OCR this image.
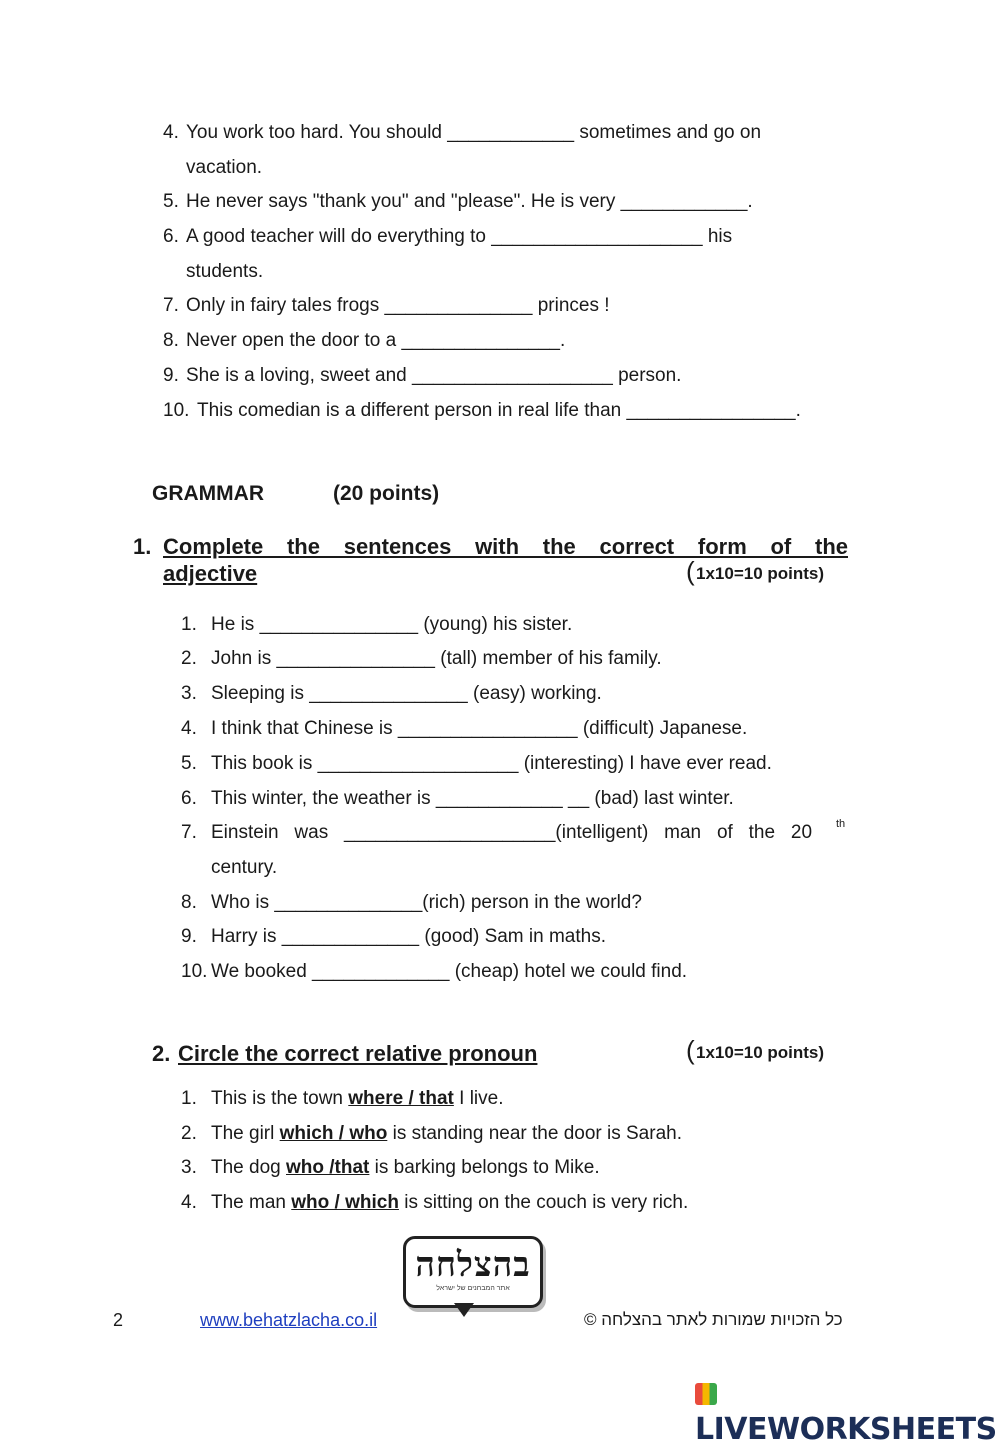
4. You work too hard. You should ____________ sometimes and go on
vacation.
5. He never says "thank you" and "please". He is very ____________.
6. A good teacher will do everything to ____________________ his
students.
7. Only in fairy tales frogs ______________ princes !
8. Never open the door to a _______________.
9. She is a loving, sweet and ___________________ person.
10. This comedian is a different person in real life than ________________.
GRAMMAR	(20 points)
1. Complete the sentences with the correct form of the
adjective	( 1x10=10 points)
1. He is _______________ (young) his sister.
2. John is _______________ (tall) member of his family.
3. Sleeping is _______________ (easy) working.
4. I think that Chinese is _________________ (difficult) Japanese.
5. This book is ___________________ (interesting) I have ever read.
6. This winter, the weather is ____________ __ (bad) last winter.
7. Einstein   was   ____________________(intelligent)   man   of   the   20 th
century.
8. Who is ______________(rich) person in the world?
9. Harry is _____________ (good) Sam in maths.
10. We booked _____________ (cheap) hotel we could find.
2. Circle the correct relative pronoun	( 1x10=10 points)
1. This is the town where / that I live.
2. The girl which / who is standing near the door is Sarah.
3. The dog who /that is barking belongs to Mike.
4. The man who / which is sitting on the couch is very rich.
בהצלחה
אתר המבחנים של ישראל
2	www.behatzlacha.co.il	כל הזכויות שמורות לאתר בהצלחה ©
LIVEWORKSHEETS
